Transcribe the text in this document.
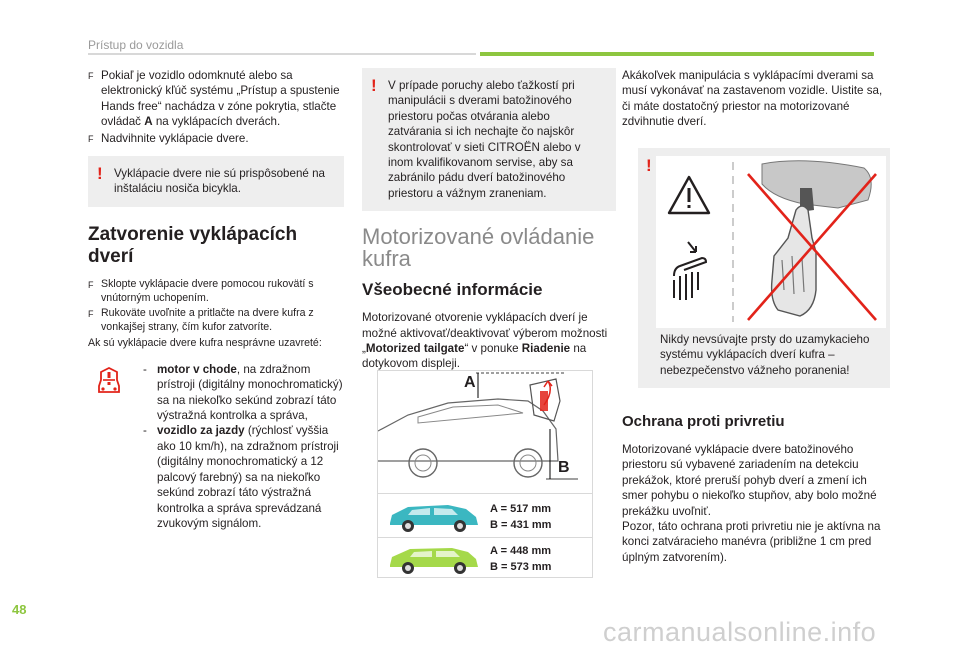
Prístup do vozidla
F Pokiaľ je vozidlo odomknuté alebo sa elektronický kľúč systému „Prístup a spustenie Hands free“ nachádza v zóne pokrytia, stlačte ovládač A na vyklápacích dverách.
F Nadvihnite vyklápacie dvere.
! Vyklápacie dvere nie sú prispôsobené na inštaláciu nosiča bicykla.
Zatvorenie vyklápacích dverí
F Sklopte vyklápacie dvere pomocou rukovätí s vnútorným uchopením.
F Rukoväte uvoľnite a pritlačte na dvere kufra z vonkajšej strany, čím kufor zatvoríte.
Ak sú vyklápacie dvere kufra nesprávne uzavreté:
- motor v chode, na zdražnom prístroji (digitálny monochromatický) sa na niekoľko sekúnd zobrazí táto výstražná kontrolka a správa,
- vozidlo za jazdy (rýchlosť vyššia ako 10 km/h), na zdražnom prístroji (digitálny monochromatický a 12 palcový farebný) sa na niekoľko sekúnd zobrazí táto výstražná kontrolka a správa sprevádzaná zvukovým signálom.
! V prípade poruchy alebo ťažkostí pri manipulácii s dverami batožinového priestoru počas otvárania alebo zatvárania si ich nechajte čo najskôr skontrolovať v sieti CITROËN alebo v inom kvalifikovanom servise, aby sa zabránilo pádu dverí batožinového priestoru a vážnym zraneniam.
Motorizované ovládanie kufra
Všeobecné informácie
Motorizované otvorenie vyklápacích dverí je možné aktivovať/deaktivovať výberom možnosti „Motorized tailgate“ v ponuke Riadenie na dotykovom displeji.
A
B
A = 517 mm
B = 431 mm
A = 448 mm
B = 573 mm
Akákoľvek manipulácia s vyklápacími dverami sa musí vykonávať na zastavenom vozidle. Uistite sa, či máte dostatočný priestor na motorizované zdvihnutie dverí.
!
Nikdy nevsúvajte prsty do uzamykacieho systému vyklápacích dverí kufra – nebezpečenstvo vážneho poranenia!
Ochrana proti privretiu
Motorizované vyklápacie dvere batožinového priestoru sú vybavené zariadením na detekciu prekážok, ktoré preruší pohyb dverí a zmení ich smer pohybu o niekoľko stupňov, aby bolo možné prekážku uvoľniť.
Pozor, táto ochrana proti privretiu nie je aktívna na konci zatváracieho manévra (približne 1 cm pred úplným zatvorením).
48
carmanualsonline.info
